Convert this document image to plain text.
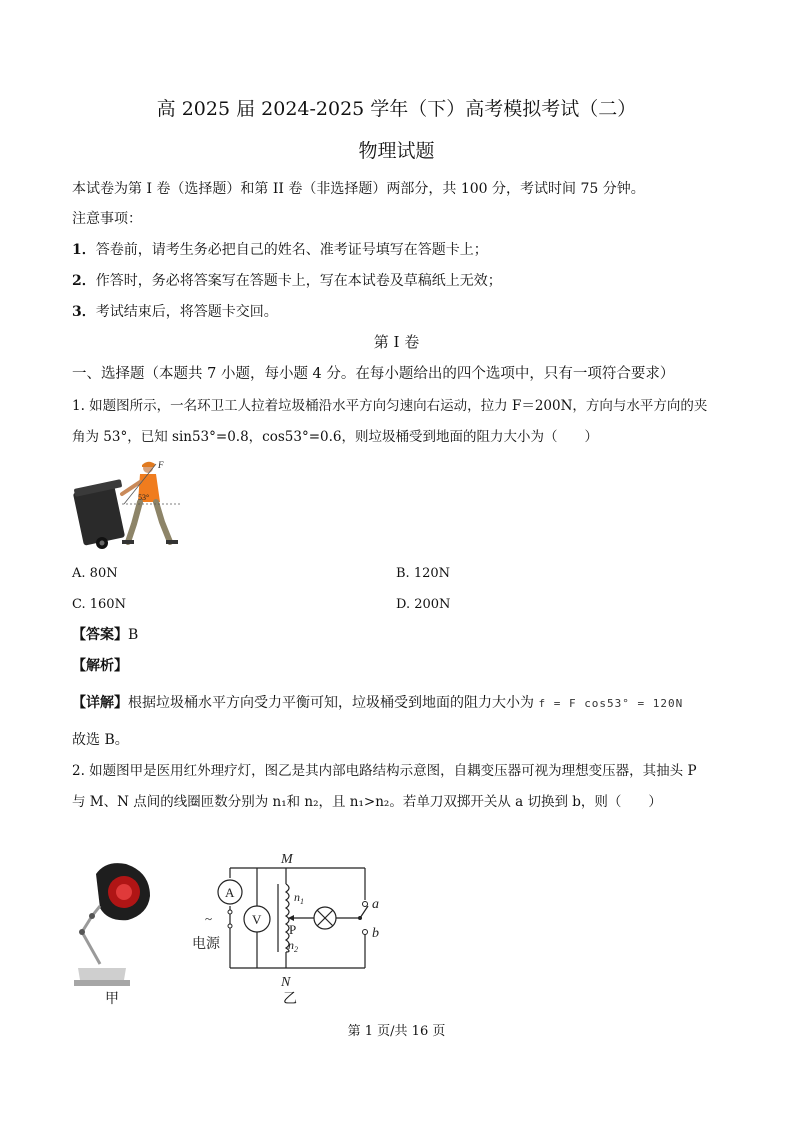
高 2025 届 2024-2025 学年（下）高考模拟考试（二）
物理试题
本试卷为第 I 卷（选择题）和第 II 卷（非选择题）两部分，共 100 分，考试时间 75 分钟。
注意事项：
1．答卷前，请考生务必把自己的姓名、准考证号填写在答题卡上；
2．作答时，务必将答案写在答题卡上，写在本试卷及草稿纸上无效；
3．考试结束后，将答题卡交回。
第 I 卷
一、选择题（本题共 7 小题，每小题 4 分。在每小题给出的四个选项中，只有一项符合要求）
1. 如题图所示，一名环卫工人拉着垃圾桶沿水平方向匀速向右运动，拉力 F＝200N，方向与水平方向的夹
角为 53°，已知 sin53°=0.8，cos53°=0.6，则垃圾桶受到地面的阻力大小为（　　）
F
53°
A. 80N	B. 120N
C. 160N	D. 200N
【答案】B
【解析】
【详解】根据垃圾桶水平方向受力平衡可知，垃圾桶受到地面的阻力大小为 f = F cos53° = 120N
故选 B。
2. 如题图甲是医用红外理疗灯，图乙是其内部电路结构示意图，自耦变压器可视为理想变压器，其抽头 P
与 M、N 点间的线圈匝数分别为 n₁和 n₂，且 n₁>n₂。若单刀双掷开关从 a 切换到 b，则（　　）
甲
A
V
M
N
$n_1$
P
$n_2$
a
b
~
电源
乙
第 1 页/共 16 页
